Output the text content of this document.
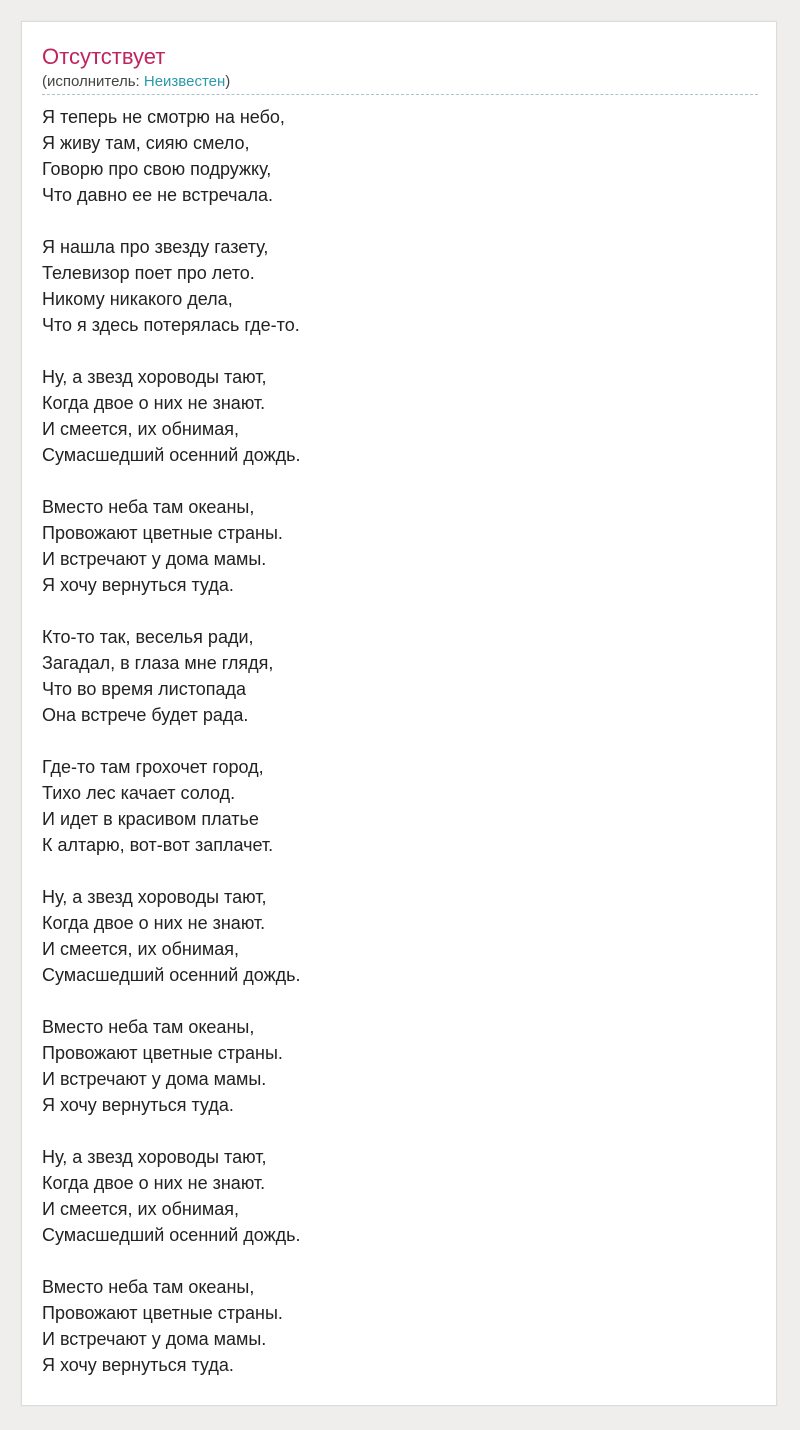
Отсутствует
(исполнитель: Неизвестен)
Я теперь не смотрю на небо,
Я живу там, сияю смело,
Говорю про свою подружку,
Что давно ее не встречала.
Я нашла про звезду газету,
Телевизор поет про лето.
Никому никакого дела,
Что я здесь потерялась где-то.
Ну, а звезд хороводы тают,
Когда двое о них не знают.
И смеется, их обнимая,
Сумасшедший осенний дождь.
Вместо неба там океаны,
Провожают цветные страны.
И встречают у дома мамы.
Я хочу вернуться туда.
Кто-то так, веселья ради,
Загадал, в глаза мне глядя,
Что во время листопада
Она встрече будет рада.
Где-то там грохочет город,
Тихо лес качает солод.
И идет в красивом платье
К алтарю, вот-вот заплачет.
Ну, а звезд хороводы тают,
Когда двое о них не знают.
И смеется, их обнимая,
Сумасшедший осенний дождь.
Вместо неба там океаны,
Провожают цветные страны.
И встречают у дома мамы.
Я хочу вернуться туда.
Ну, а звезд хороводы тают,
Когда двое о них не знают.
И смеется, их обнимая,
Сумасшедший осенний дождь.
Вместо неба там океаны,
Провожают цветные страны.
И встречают у дома мамы.
Я хочу вернуться туда.
